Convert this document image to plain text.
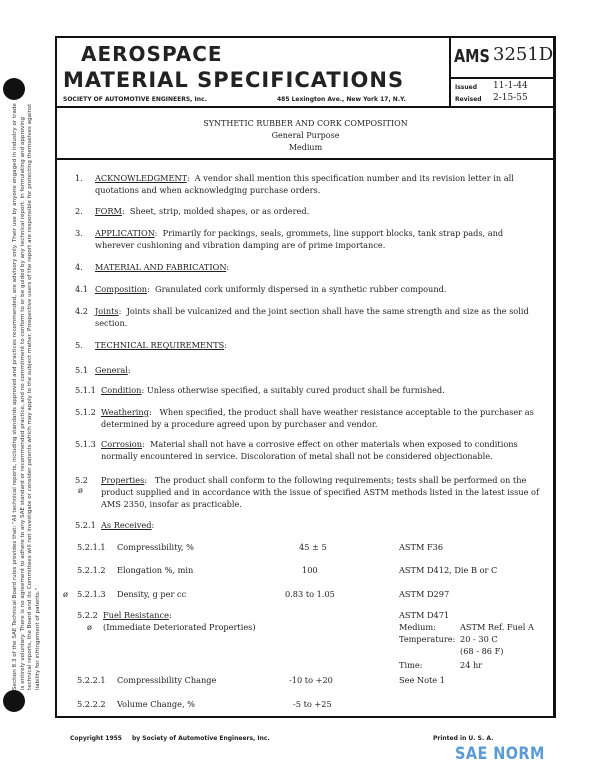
Section 8.3 of the SAE Technical Board rules provides that: "All technical reports, including standards approved and practices recommended, are advisory only. Their use by anyone engaged in industry or trade is entirely voluntary. There is no agreement to adhere to any SAE standard or recommended practice, and no commitment to conform to or be guided by any technical report. In formulating and approving technical reports, the Board and its Committees will not investigate or consider patents which may apply to the subject matter. Prospective users of the report are responsible for protecting themselves against liability for infringement of patents."
AEROSPACE
MATERIAL SPECIFICATIONS
SOCIETY OF AUTOMOTIVE ENGINEERS, Inc.	485 Lexington Ave., New York 17, N.Y.
AMS 3251D
Issued 11-1-44
Revised 2-15-55
SYNTHETIC RUBBER AND CORK COMPOSITION
General Purpose
Medium
1. ACKNOWLEDGMENT:  A vendor shall mention this specification number and its revision letter in all quotations and when acknowledging purchase orders.
2. FORM:  Sheet, strip, molded shapes, or as ordered.
3. APPLICATION:  Primarily for packings, seals, grommets, line support blocks, tank strap pads, and wherever cushioning and vibration damping are of prime importance.
4. MATERIAL AND FABRICATION:
4.1 Composition:  Granulated cork uniformly dispersed in a synthetic rubber compound.
4.2 Joints:  Joints shall be vulcanized and the joint section shall have the same strength and size as the solid section.
5. TECHNICAL REQUIREMENTS:
5.1 General:
5.1.1 Condition: Unless otherwise specified, a suitably cured product shall be furnished.
5.1.2 Weathering:   When specified, the product shall have weather resistance acceptable to the purchaser as determined by a procedure agreed upon by purchaser and vendor.
5.1.3 Corrosion:  Material shall not have a corrosive effect on other materials when exposed to conditions normally encountered in service. Discoloration of metal shall not be considered objectionable.
5.2 Properties:   The product shall conform to the following requirements; tests shall be performed on the product supplied and in accordance with the issue of specified ASTM methods listed in the latest issue of AMS 2350, insofar as practicable.
ø
5.2.1 As Received:
5.2.1.1 Compressibility, %	45 ± 5	ASTM F36
5.2.1.2 Elongation %, min	100	ASTM D412, Die B or C
ø 5.2.1.3 Density, g per cc	0.83 to 1.05	ASTM D297
5.2.2 Fuel Resistance:
ø (Immediate Deteriorated Properties)
ASTM D471
Medium:	ASTM Ref. Fuel A
Temperature: 20 - 30 C
(68 - 86 F)
Time:	24 hr
5.2.2.1 Compressibility Change	-10 to +20	See Note 1
5.2.2.2 Volume Change, %	-5 to +25
Copyright 1955 by Society of Automotive Engineers, Inc.	Printed in U. S. A.
SAE NORM
